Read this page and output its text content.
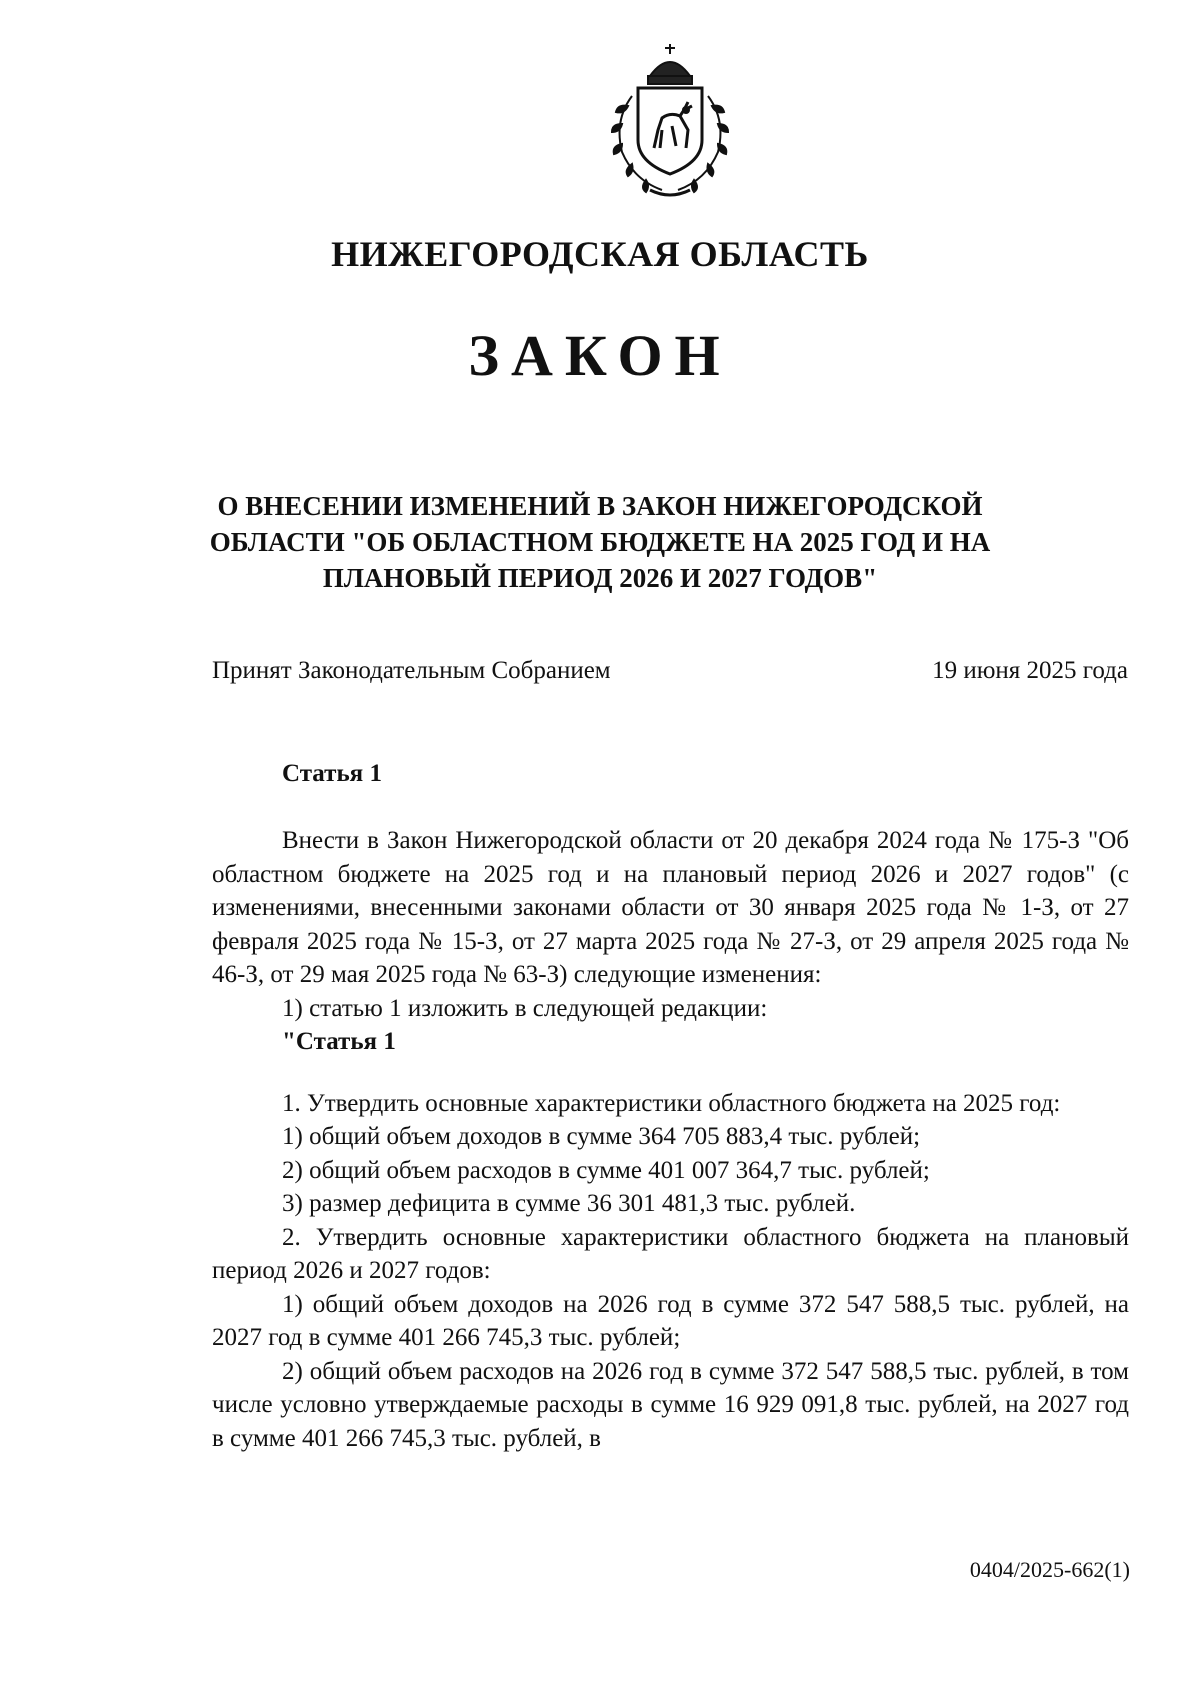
НИЖЕГОРОДСКАЯ ОБЛАСТЬ
ЗАКОН
О ВНЕСЕНИИ ИЗМЕНЕНИЙ В ЗАКОН НИЖЕГОРОДСКОЙ
ОБЛАСТИ "ОБ ОБЛАСТНОМ БЮДЖЕТЕ НА 2025 ГОД И НА
ПЛАНОВЫЙ ПЕРИОД 2026 И 2027 ГОДОВ"
Принят Законодательным Собранием	19 июня 2025 года
Статья 1

Внести в Закон Нижегородской области от 20 декабря 2024 года № 175-З "Об областном бюджете на 2025 год и на плановый период 2026 и 2027 годов" (с изменениями, внесенными законами области от 30 января 2025 года № 1-З, от 27 февраля 2025 года № 15-З, от 27 марта 2025 года № 27-З, от 29 апреля 2025 года № 46-З, от 29 мая 2025 года № 63-З) следующие изменения:

1) статью 1 изложить в следующей редакции:

"Статья 1

1. Утвердить основные характеристики областного бюджета на 2025 год:

1) общий объем доходов в сумме 364 705 883,4 тыс. рублей;

2) общий объем расходов в сумме 401 007 364,7 тыс. рублей;

3) размер дефицита в сумме 36 301 481,3 тыс. рублей.

2. Утвердить основные характеристики областного бюджета на плановый период 2026 и 2027 годов:

1) общий объем доходов на 2026 год в сумме 372 547 588,5 тыс. рублей, на 2027 год в сумме 401 266 745,3 тыс. рублей;

2) общий объем расходов на 2026 год в сумме 372 547 588,5 тыс. рублей, в том числе условно утверждаемые расходы в сумме 16 929 091,8 тыс. рублей, на 2027 год в сумме 401 266 745,3 тыс. рублей, в

0404/2025-662(1)
